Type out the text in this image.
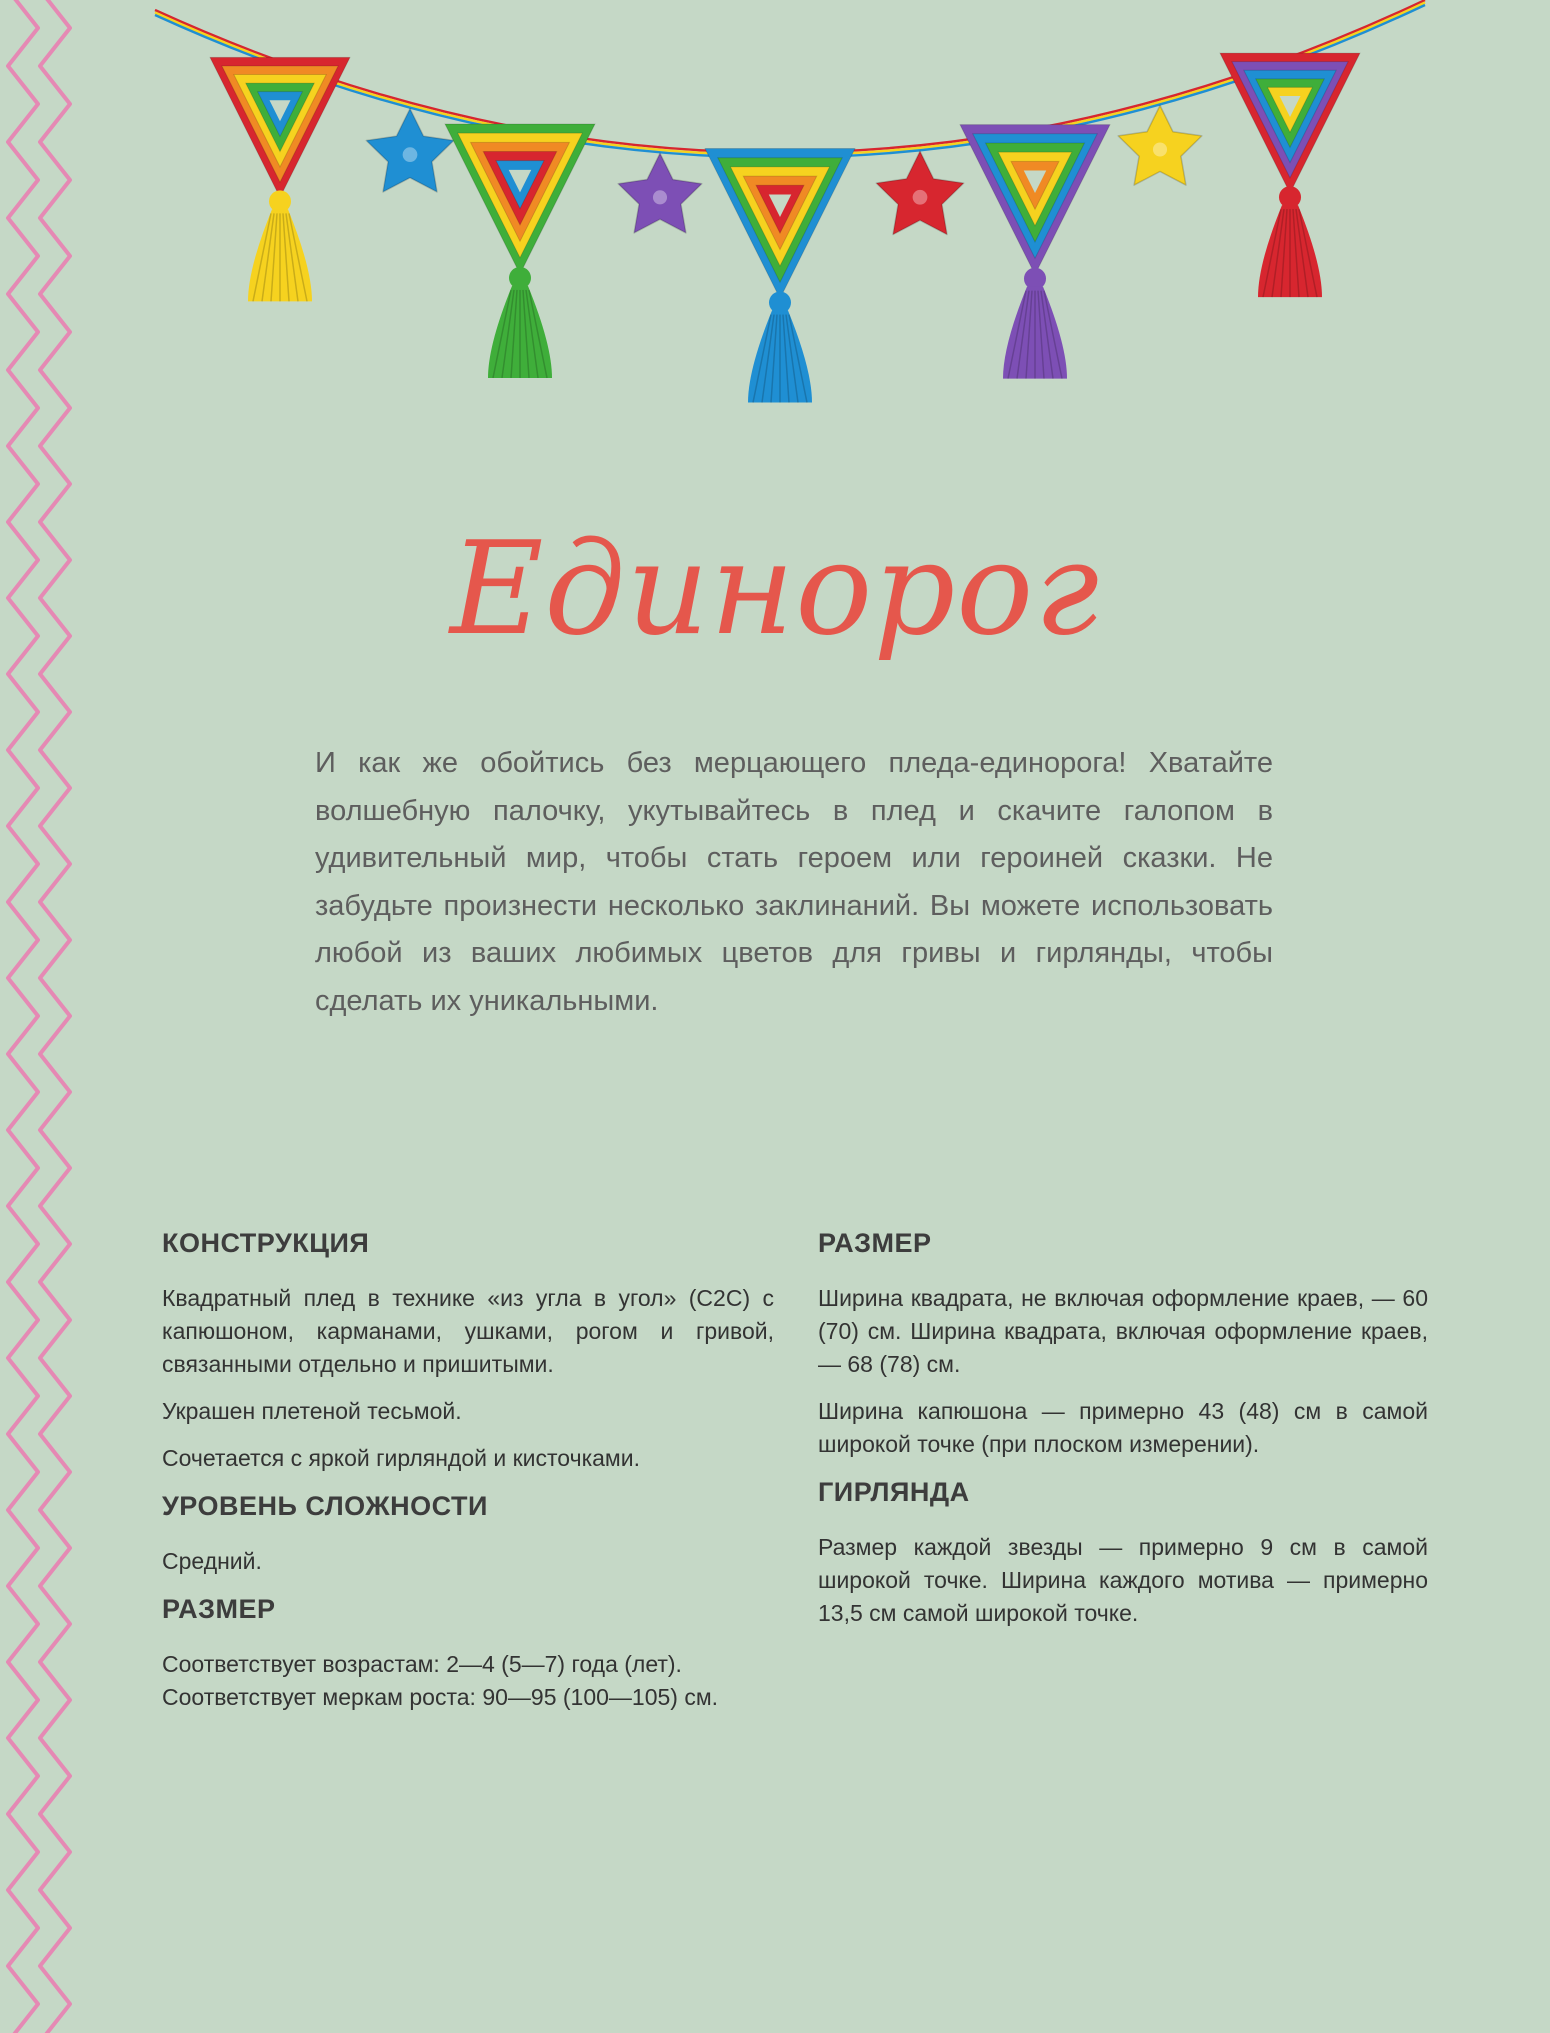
Единорог
И как же обойтись без мерцающего пледа-единорога! Хватайте волшебную палочку, укутывайтесь в плед и скачите галопом в удивительный мир, чтобы стать героем или героиней сказки. Не забудьте произнести несколько заклинаний. Вы можете использовать любой из ваших любимых цветов для гривы и гирлянды, чтобы сделать их уникальными.
КОНСТРУКЦИЯ
Квадратный плед в технике «из угла в угол» (C2C) с капюшоном, карманами, ушками, рогом и гривой, связанными отдельно и пришитыми.
Украшен плетеной тесьмой.
Сочетается с яркой гирляндой и кисточками.
УРОВЕНЬ СЛОЖНОСТИ
Средний.
РАЗМЕР
Соответствует возрастам: 2—4 (5—7) года (лет).
Соответствует меркам роста: 90—95 (100—105) см.
РАЗМЕР
Ширина квадрата, не включая оформление краев, — 60 (70) см. Ширина квадрата, включая оформление краев, — 68 (78) см.
Ширина капюшона — примерно 43 (48) см в самой широкой точке (при плоском измерении).
ГИРЛЯНДА
Размер каждой звезды — примерно 9 см в самой широкой точке. Ширина каждого мотива — примерно 13,5 см самой широкой точке.
